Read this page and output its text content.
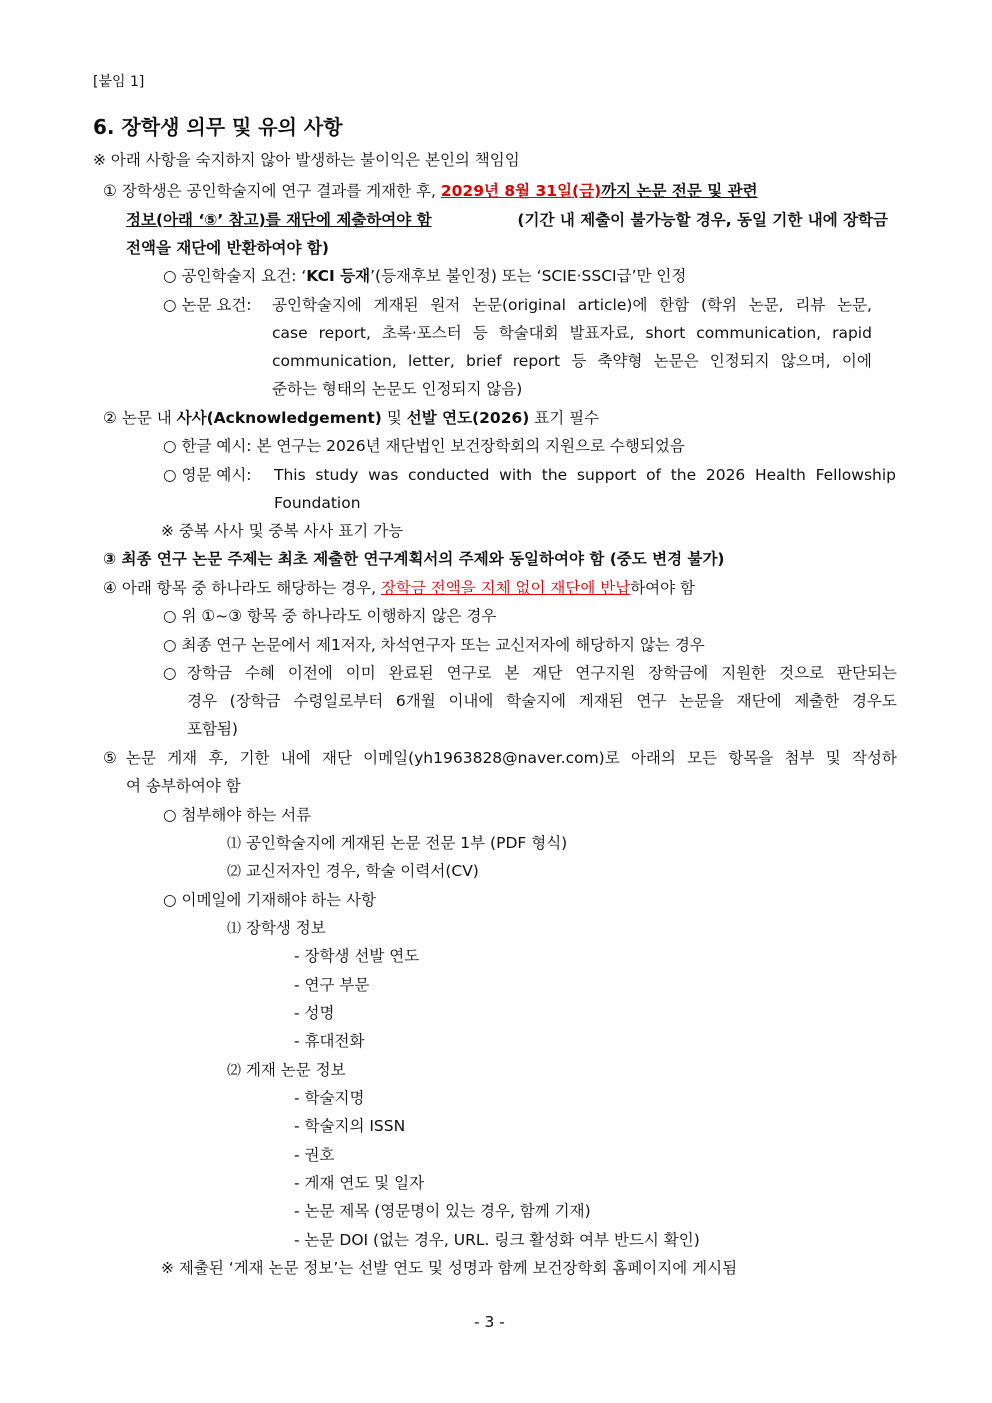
[붙임 1]
6. 장학생 의무 및 유의 사항
※ 아래 사항을 숙지하지 않아 발생하는 불이익은 본인의 책임임
① 장학생은 공인학술지에 연구 결과를 게재한 후, 2029년 8월 31일(금)까지 논문 전문 및 관련
정보(아래 ‘⑤’ 참고)를 재단에 제출하여야 함	(기간 내 제출이 불가능할 경우, 동일 기한 내에 장학금
전액을 재단에 반환하여야 함)
○ 공인학술지 요건: ‘KCI 등재’(등재후보 불인정) 또는 ‘SCIE·SSCI급’만 인정
○ 논문 요건: 공인학술지에 게재된 원저 논문(original article)에 한함 (학위 논문, 리뷰 논문,
case report, 초록·포스터 등 학술대회 발표자료, short communication, rapid
communication, letter, brief report 등 축약형 논문은 인정되지 않으며, 이에
준하는 형태의 논문도 인정되지 않음)
② 논문 내 사사(Acknowledgement) 및 선발 연도(2026) 표기 필수
○ 한글 예시: 본 연구는 2026년 재단법인 보건장학회의 지원으로 수행되었음
○ 영문 예시: This study was conducted with the support of the 2026 Health Fellowship
Foundation
※ 중복 사사 및 중복 사사 표기 가능
③ 최종 연구 논문 주제는 최초 제출한 연구계획서의 주제와 동일하여야 함 (중도 변경 불가)
④ 아래 항목 중 하나라도 해당하는 경우, 장학금 전액을 지체 없이 재단에 반납하여야 함
○ 위 ①~③ 항목 중 하나라도 이행하지 않은 경우
○ 최종 연구 논문에서 제1저자, 차석연구자 또는 교신저자에 해당하지 않는 경우
○ 장학금 수혜 이전에 이미 완료된 연구로 본 재단 연구지원 장학금에 지원한 것으로 판단되는
경우 (장학금 수령일로부터 6개월 이내에 학술지에 게재된 연구 논문을 재단에 제출한 경우도
포함됨)
⑤ 논문 게재 후, 기한 내에 재단 이메일(yh1963828@naver.com)로 아래의 모든 항목을 첨부 및 작성하
여 송부하여야 함
○ 첨부해야 하는 서류
⑴ 공인학술지에 게재된 논문 전문 1부 (PDF 형식)
⑵ 교신저자인 경우, 학술 이력서(CV)
○ 이메일에 기재해야 하는 사항
⑴ 장학생 정보
- 장학생 선발 연도
- 연구 부문
- 성명
- 휴대전화
⑵ 게재 논문 정보
- 학술지명
- 학술지의 ISSN
- 권호
- 게재 연도 및 일자
- 논문 제목 (영문명이 있는 경우, 함께 기재)
- 논문 DOI (없는 경우, URL. 링크 활성화 여부 반드시 확인)
※ 제출된 ‘게재 논문 정보’는 선발 연도 및 성명과 함께 보건장학회 홈페이지에 게시됨
- 3 -
